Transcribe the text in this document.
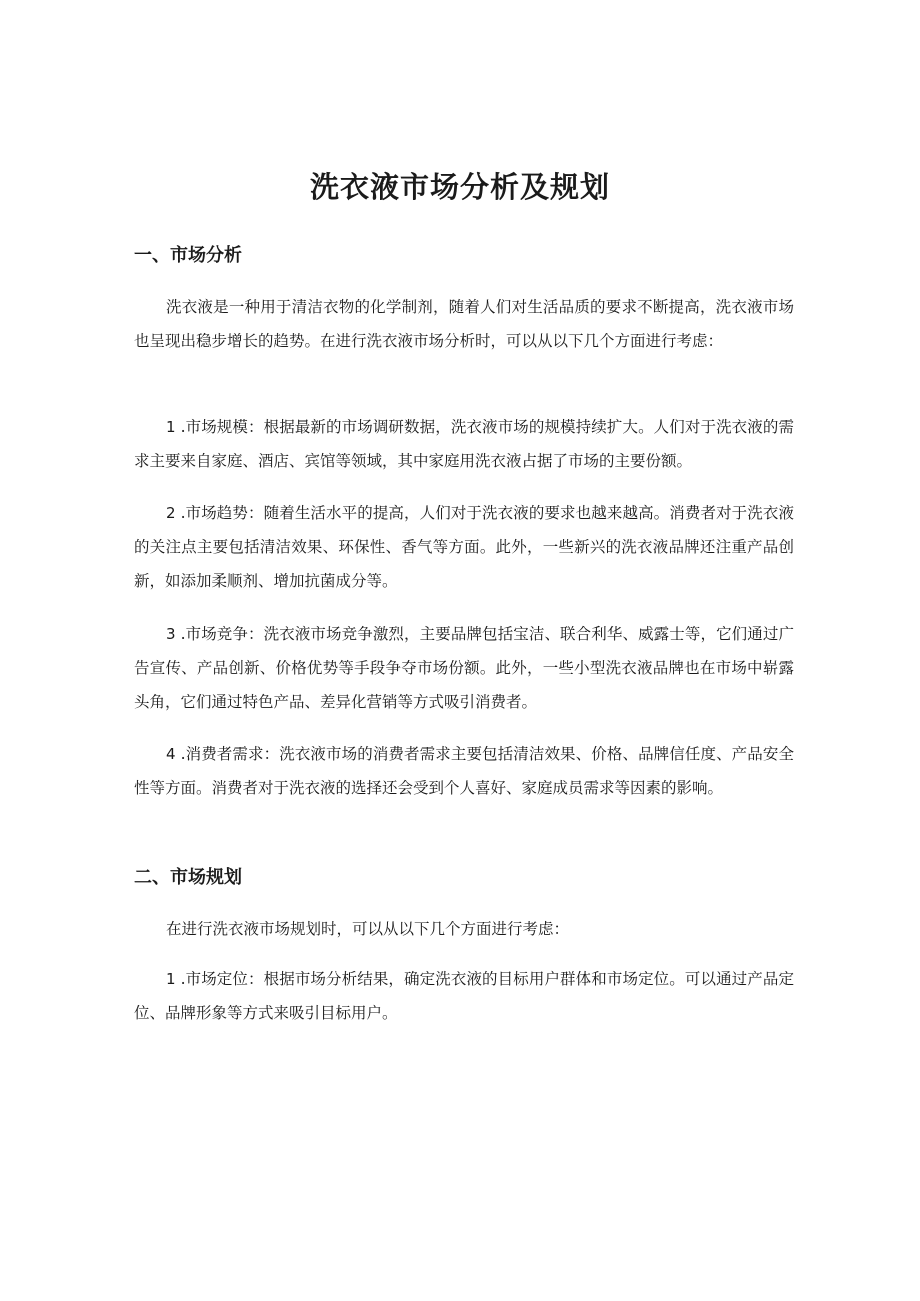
洗衣液市场分析及规划
一、市场分析

洗衣液是一种用于清洁衣物的化学制剂，随着人们对生活品质的要求不断提高，洗衣液市场也呈现出稳步增长的趋势。在进行洗衣液市场分析时，可以从以下几个方面进行考虑：

1 .市场规模：根据最新的市场调研数据，洗衣液市场的规模持续扩大。人们对于洗衣液的需求主要来自家庭、酒店、宾馆等领域，其中家庭用洗衣液占据了市场的主要份额。

2 .市场趋势：随着生活水平的提高，人们对于洗衣液的要求也越来越高。消费者对于洗衣液的关注点主要包括清洁效果、环保性、香气等方面。此外，一些新兴的洗衣液品牌还注重产品创新，如添加柔顺剂、增加抗菌成分等。

3 .市场竞争：洗衣液市场竞争激烈，主要品牌包括宝洁、联合利华、威露士等，它们通过广告宣传、产品创新、价格优势等手段争夺市场份额。此外，一些小型洗衣液品牌也在市场中崭露头角，它们通过特色产品、差异化营销等方式吸引消费者。

4 .消费者需求：洗衣液市场的消费者需求主要包括清洁效果、价格、品牌信任度、产品安全性等方面。消费者对于洗衣液的选择还会受到个人喜好、家庭成员需求等因素的影响。

二、市场规划

在进行洗衣液市场规划时，可以从以下几个方面进行考虑：

1 .市场定位：根据市场分析结果，确定洗衣液的目标用户群体和市场定位。可以通过产品定位、品牌形象等方式来吸引目标用户。
